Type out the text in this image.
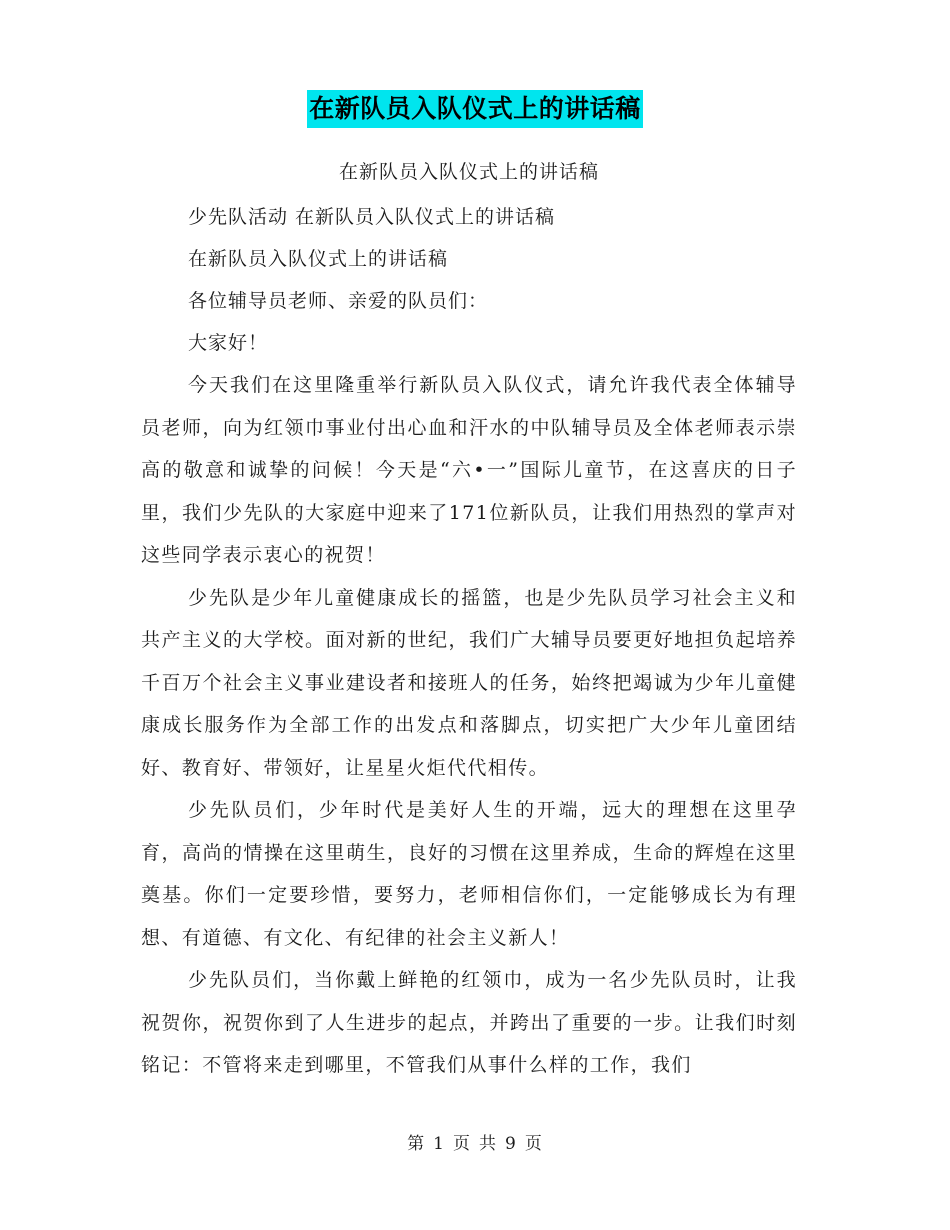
在新队员入队仪式上的讲话稿
在新队员入队仪式上的讲话稿
少先队活动 在新队员入队仪式上的讲话稿
在新队员入队仪式上的讲话稿
各位辅导员老师、亲爱的队员们：
大家好！

今天我们在这里隆重举行新队员入队仪式，请允许我代表全体辅导员老师，向为红领巾事业付出心血和汗水的中队辅导员及全体老师表示崇高的敬意和诚挚的问候！今天是“六•一”国际儿童节，在这喜庆的日子里，我们少先队的大家庭中迎来了171位新队员，让我们用热烈的掌声对这些同学表示衷心的祝贺！

少先队是少年儿童健康成长的摇篮，也是少先队员学习社会主义和共产主义的大学校。面对新的世纪，我们广大辅导员要更好地担负起培养千百万个社会主义事业建设者和接班人的任务，始终把竭诚为少年儿童健康成长服务作为全部工作的出发点和落脚点，切实把广大少年儿童团结好、教育好、带领好，让星星火炬代代相传。

少先队员们，少年时代是美好人生的开端，远大的理想在这里孕育，高尚的情操在这里萌生，良好的习惯在这里养成，生命的辉煌在这里奠基。你们一定要珍惜，要努力，老师相信你们，一定能够成长为有理想、有道德、有文化、有纪律的社会主义新人！

少先队员们，当你戴上鲜艳的红领巾，成为一名少先队员时，让我祝贺你，祝贺你到了人生进步的起点，并跨出了重要的一步。让我们时刻铭记：不管将来走到哪里，不管我们从事什么样的工作，我们

第 1 页 共 9 页
